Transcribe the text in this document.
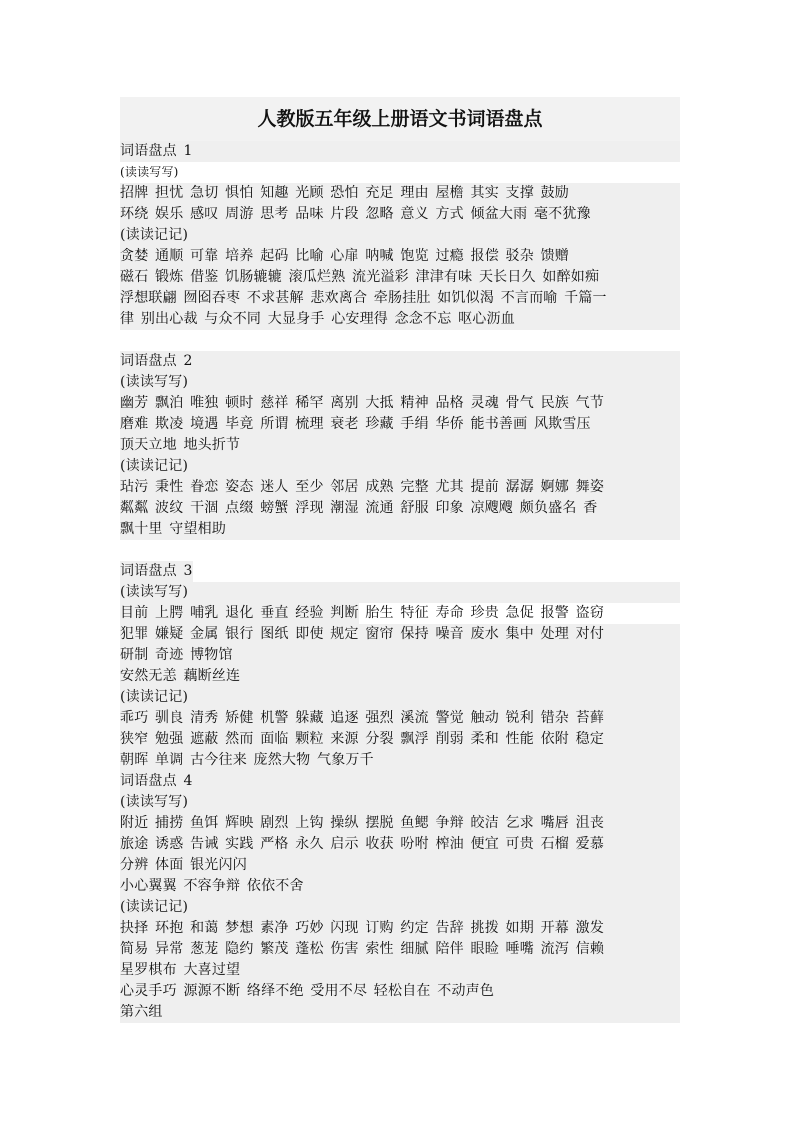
人教版五年级上册语文书词语盘点
词语盘点 1
(读读写写)
招牌 担忧 急切 惧怕 知趣 光顾 恐怕 充足 理由 屋檐 其实 支撑 鼓励
环绕 娱乐 感叹 周游 思考 品味 片段 忽略 意义 方式 倾盆大雨 毫不犹豫
(读读记记)
贪婪 通顺 可靠 培养 起码 比喻 心扉 呐喊 饱览 过瘾 报偿 驳杂 馈赠
磁石 锻炼 借鉴 饥肠辘辘 滚瓜烂熟 流光溢彩 津津有味 天长日久 如醉如痴
浮想联翩 囫囵吞枣 不求甚解 悲欢离合 牵肠挂肚 如饥似渴 不言而喻 千篇一
律 别出心裁 与众不同 大显身手 心安理得 念念不忘 呕心沥血
词语盘点 2
(读读写写)
幽芳 飘泊 唯独 顿时 慈祥 稀罕 离别 大抵 精神 品格 灵魂 骨气 民族 气节
磨难 欺凌 境遇 毕竟 所谓 梳理 衰老 珍藏 手绢 华侨 能书善画 风欺雪压
顶天立地 地头折节
(读读记记)
玷污 秉性 眷恋 姿态 迷人 至少 邻居 成熟 完整 尤其 提前 潺潺 婀娜 舞姿
粼粼 波纹 干涸 点缀 螃蟹 浮现 潮湿 流通 舒服 印象 凉飕飕 颇负盛名 香
飘十里 守望相助
词语盘点 3
(读读写写)
目前 上腭 哺乳 退化 垂直 经验 判断 胎生 特征 寿命 珍贵 急促 报警 盗窃
犯罪 嫌疑 金属 银行 图纸 即使 规定 窗帘 保持 噪音 废水 集中 处理 对付
研制 奇迹 博物馆
安然无恙 藕断丝连
(读读记记)
乖巧 驯良 清秀 矫健 机警 躲藏 追逐 强烈 溪流 警觉 触动 锐利 错杂 苔藓
狭窄 勉强 遮蔽 然而 面临 颗粒 来源 分裂 飘浮 削弱 柔和 性能 依附 稳定
朝晖 单调 古今往来 庞然大物 气象万千
词语盘点 4
(读读写写)
附近 捕捞 鱼饵 辉映 剧烈 上钩 操纵 摆脱 鱼鳃 争辩 皎洁 乞求 嘴唇 沮丧
旅途 诱惑 告诫 实践 严格 永久 启示 收获 吩咐 榨油 便宜 可贵 石榴 爱慕
分辨 体面 银光闪闪
小心翼翼 不容争辩 依依不舍
(读读记记)
抉择 环抱 和蔼 梦想 素净 巧妙 闪现 订购 约定 告辞 挑拨 如期 开幕 激发
简易 异常 葱茏 隐约 繁茂 蓬松 伤害 索性 细腻 陪伴 眼睑 唾嘴 流泻 信赖
星罗棋布 大喜过望
心灵手巧 源源不断 络绎不绝 受用不尽 轻松自在 不动声色
第六组
